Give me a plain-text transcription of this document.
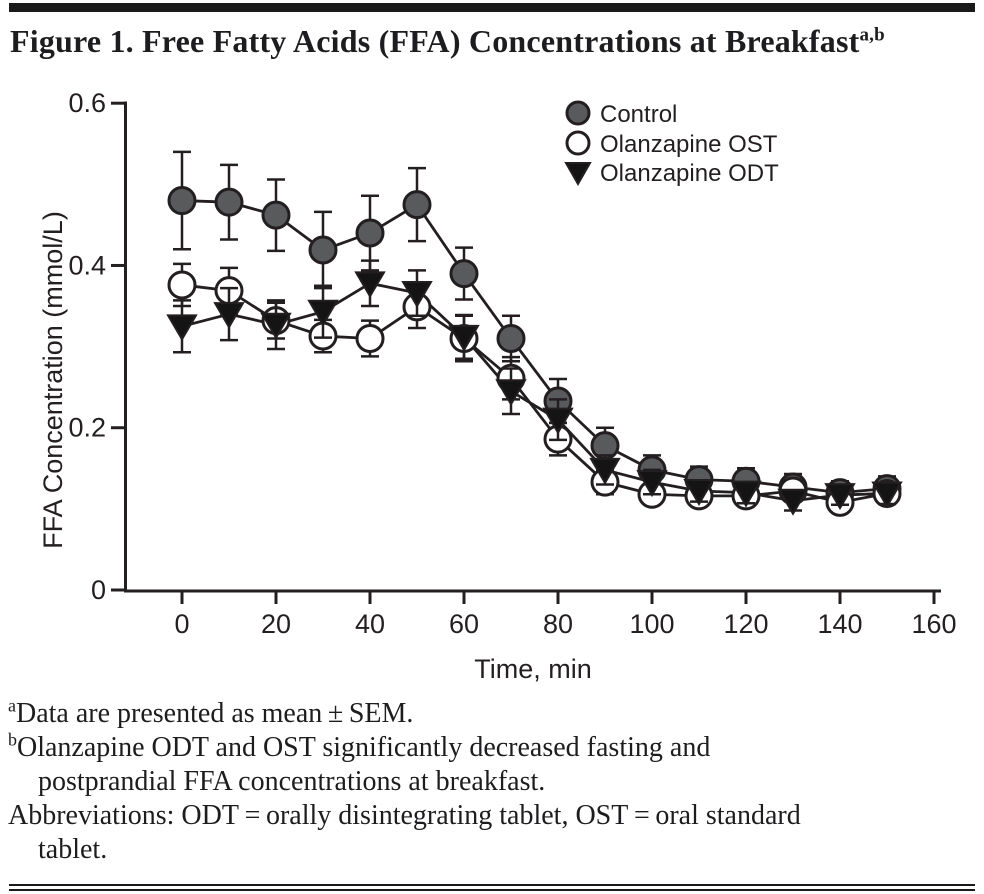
Figure 1. Free Fatty Acids (FFA) Concentrations at Breakfast$^{a,b}$
0
0.2
0.4
0.6
0	20 40 60 80 100 120 140 160
Time, min
FFA Concentration (mmol/L)
Control
Olanzapine OST
Olanzapine ODT

$^a$Data are presented as mean ± SEM.

$^b$Olanzapine ODT and OST significantly decreased fasting and

postprandial FFA concentrations at breakfast.

Abbreviations: ODT = orally disintegrating tablet, OST = oral standard

tablet.
